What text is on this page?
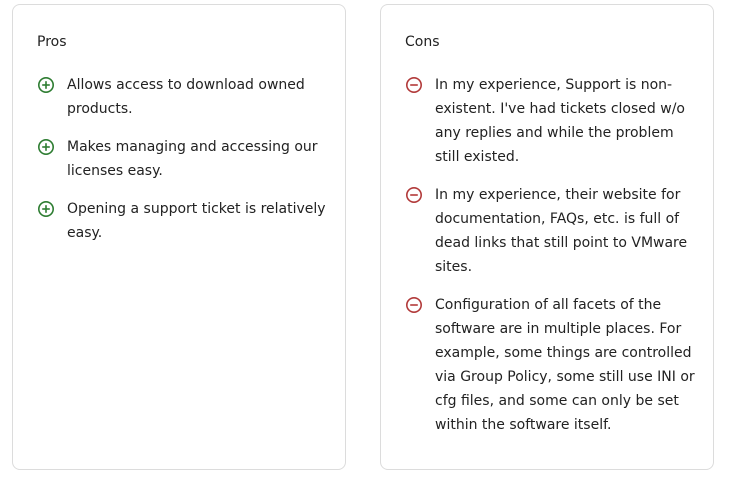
Pros
Allows access to download owned products.
Makes managing and accessing our licenses easy.
Opening a support ticket is relatively easy.
Cons
In my experience, Support is non-existent. I've had tickets closed w/o any replies and while the problem still existed.
In my experience, their website for documentation, FAQs, etc. is full of dead links that still point to VMware sites.
Configuration of all facets of the software are in multiple places. For example, some things are controlled via Group Policy, some still use INI or cfg files, and some can only be set within the software itself.
